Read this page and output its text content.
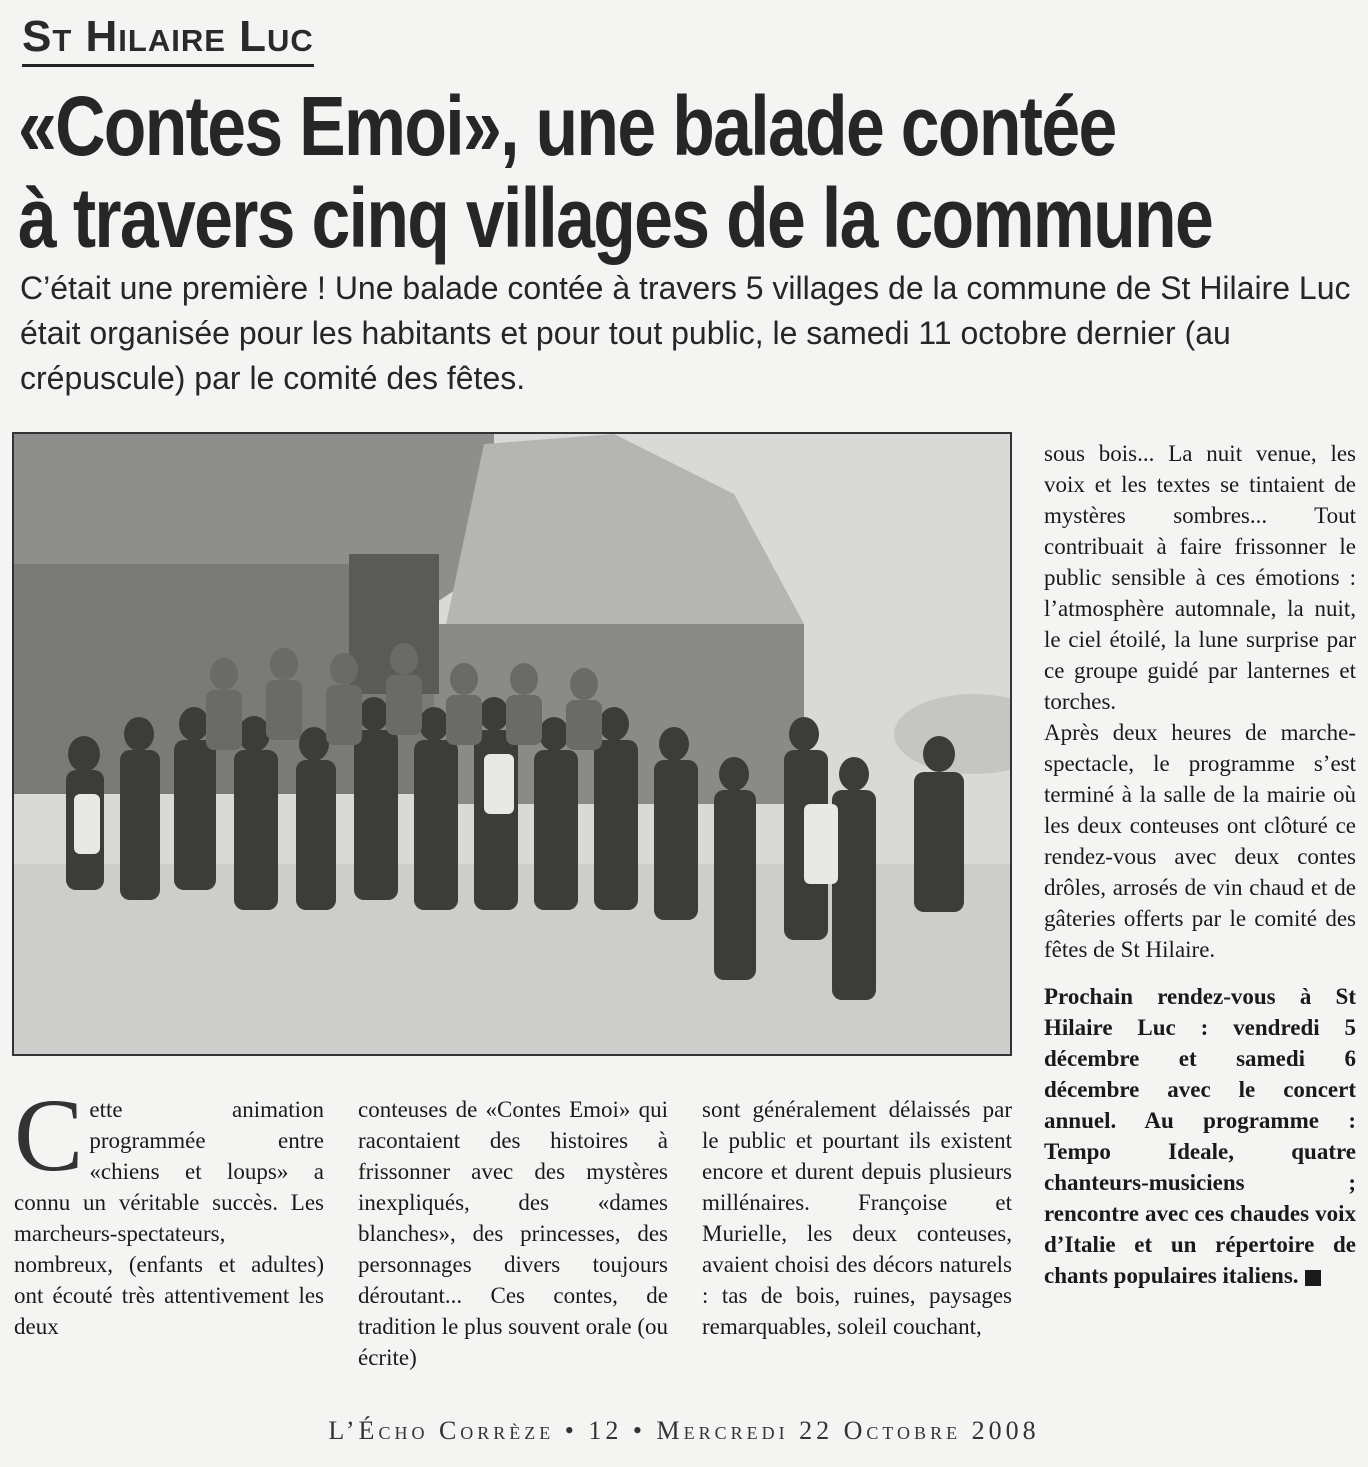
St Hilaire Luc
«Contes Emoi», une balade contée
à travers cinq villages de la commune
C’était une première ! Une balade contée à travers 5 villages de la commune de St Hilaire Luc était organisée pour les habitants et pour tout public, le samedi 11 octobre dernier (au crépuscule) par le comité des fêtes.
C ette animation programmée entre «chiens et loups» a connu un véritable succès. Les marcheurs-spectateurs, nombreux, (enfants et adultes) ont écouté très attentivement les deux
conteuses de «Contes Emoi» qui racontaient des histoires à frissonner avec des mystères inexpliqués, des «dames blanches», des princesses, des personnages divers toujours déroutant... Ces contes, de tradition le plus souvent orale (ou écrite)
sont généralement délaissés par le public et pourtant ils existent encore et durent depuis plusieurs millénaires. Françoise et Murielle, les deux conteuses, avaient choisi des décors naturels : tas de bois, ruines, paysages remarquables, soleil couchant,
sous bois... La nuit venue, les voix et les textes se tintaient de mystères sombres... Tout contribuait à faire frissonner le public sensible à ces émotions : l’atmosphère automnale, la nuit, le ciel étoilé, la lune surprise par ce groupe guidé par lanternes et torches.
Après deux heures de marche-spectacle, le programme s’est terminé à la salle de la mairie où les deux conteuses ont clôturé ce rendez-vous avec deux contes drôles, arrosés de vin chaud et de gâteries offerts par le comité des fêtes de St Hilaire.
Prochain rendez-vous à St Hilaire Luc : vendredi 5 décembre et samedi 6 décembre avec le concert annuel. Au programme : Tempo Ideale, quatre chanteurs-musiciens ; rencontre avec ces chaudes voix d’Italie et un répertoire de chants populaires italiens.
L’Écho Corrèze • 12 • Mercredi 22 Octobre 2008
